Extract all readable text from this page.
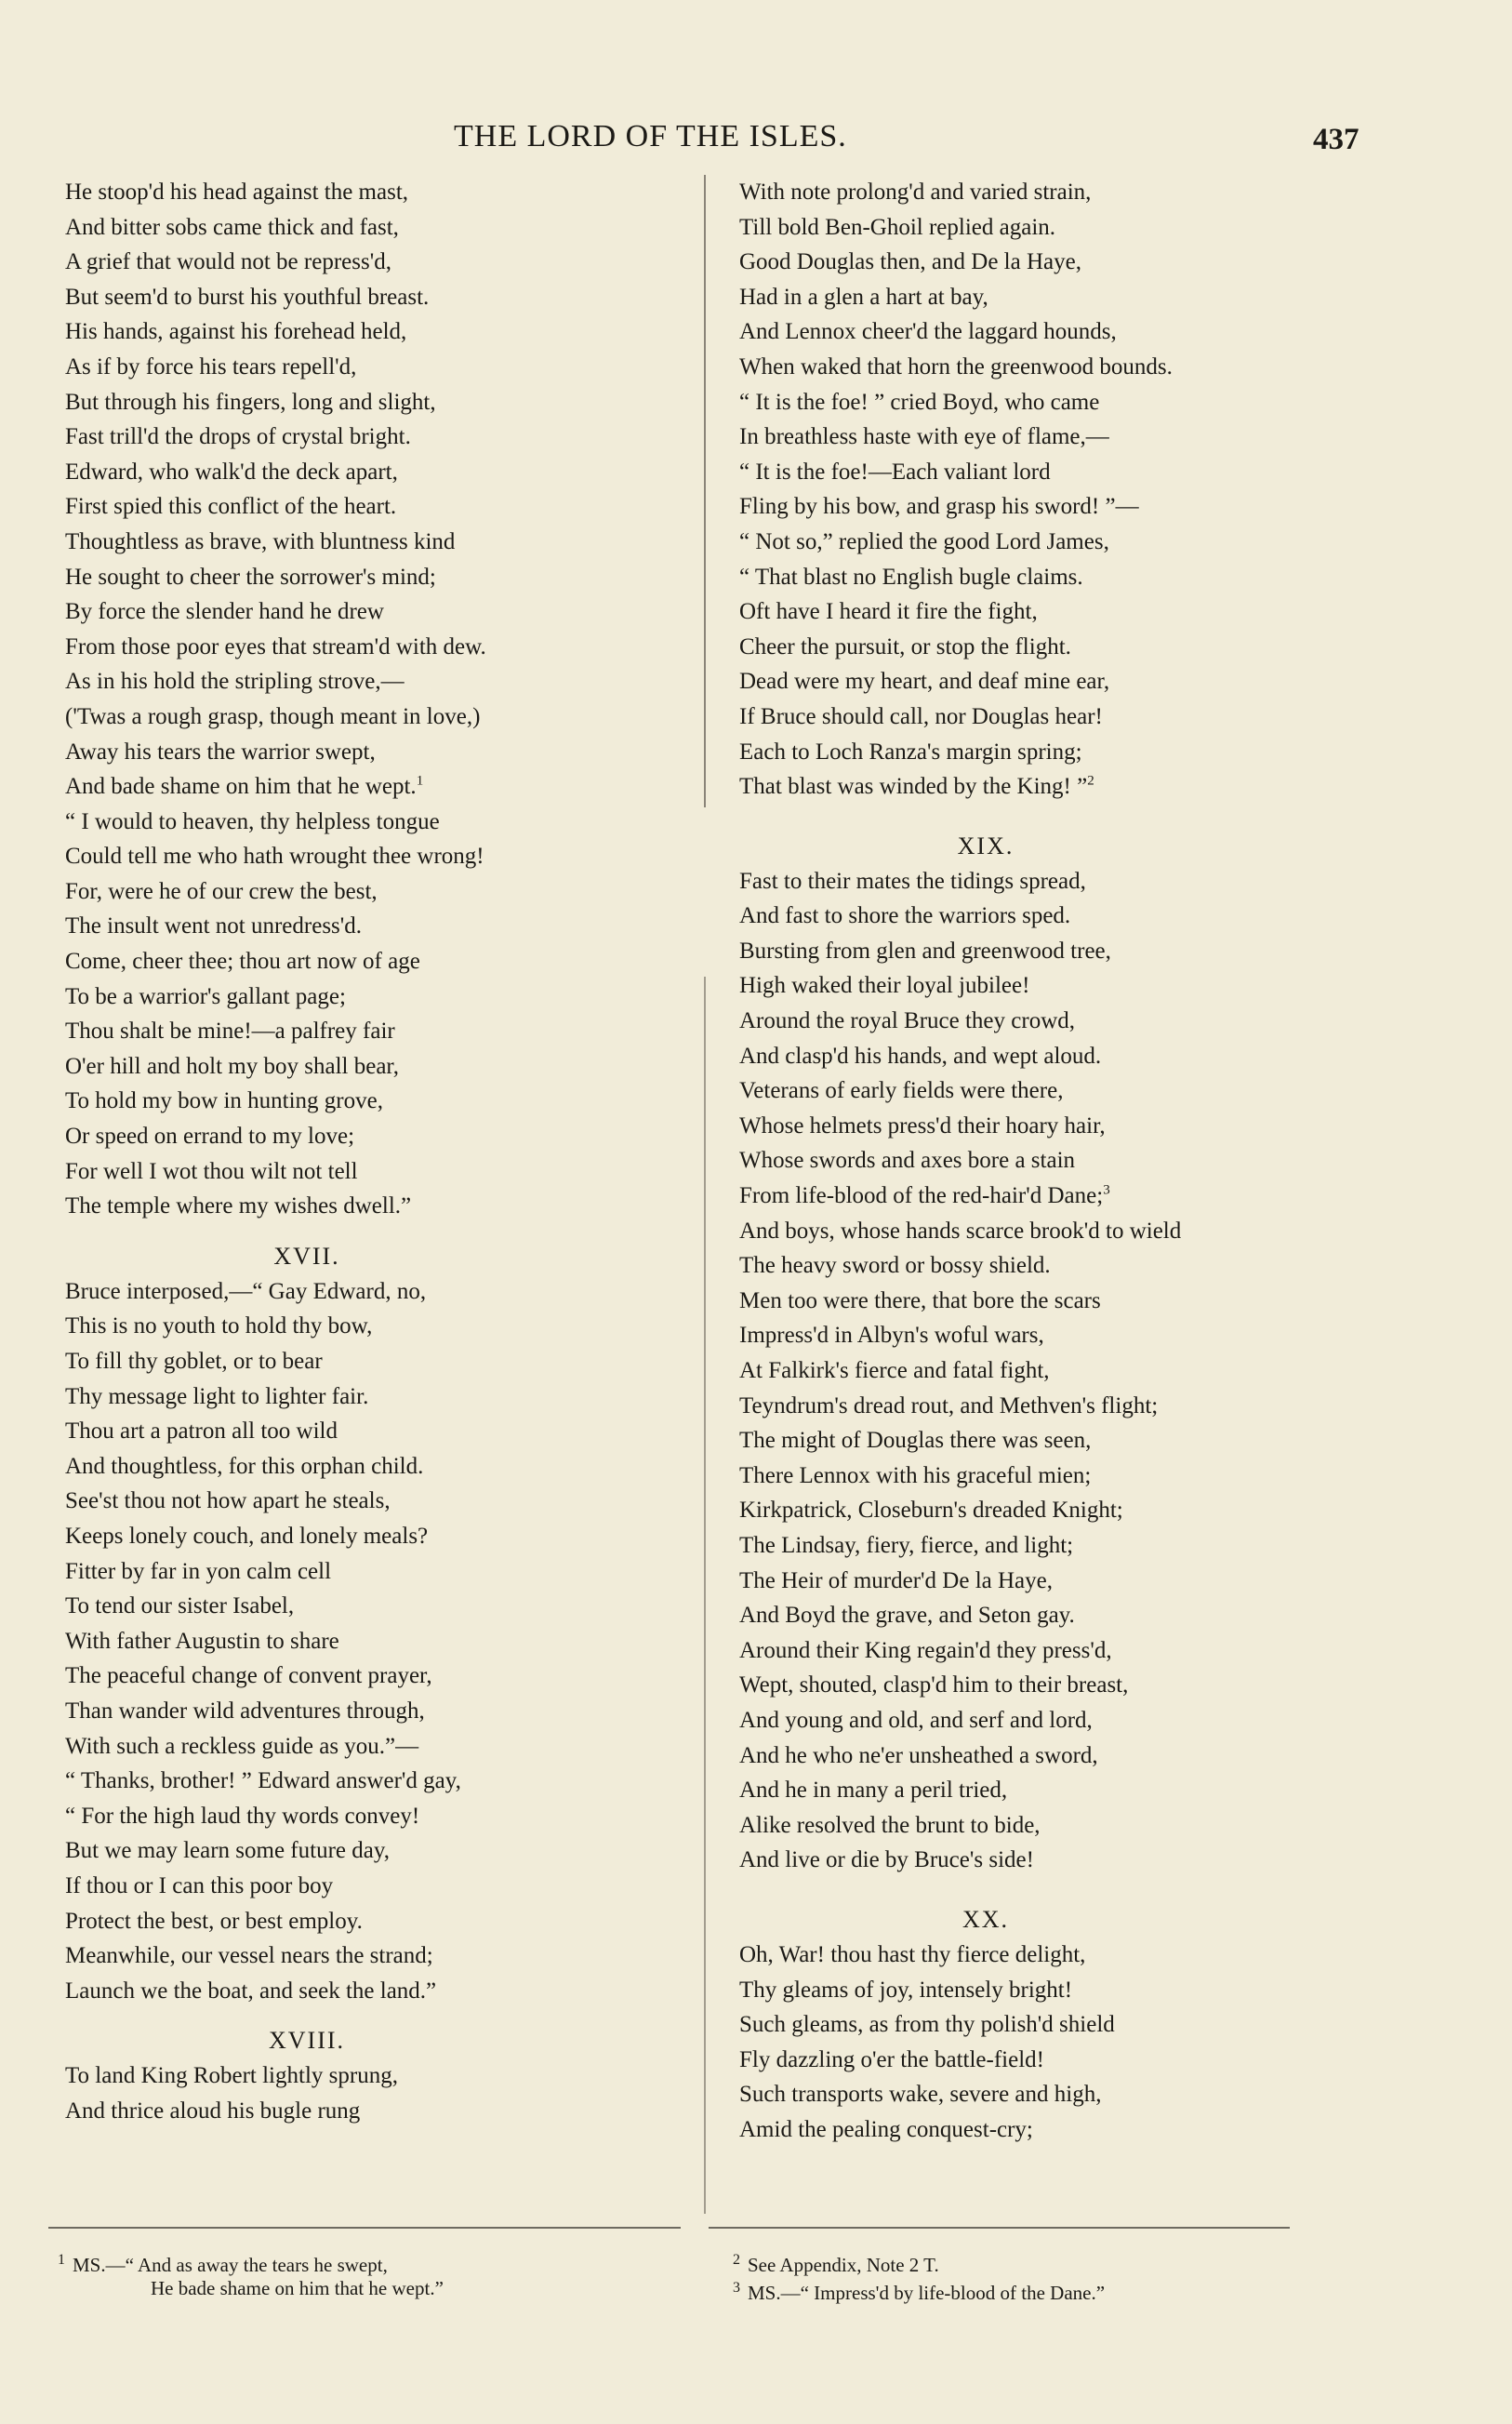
THE LORD OF THE ISLES.	437
He stoop'd his head against the mast,
And bitter sobs came thick and fast,
A grief that would not be repress'd,
But seem'd to burst his youthful breast.
His hands, against his forehead held,
As if by force his tears repell'd,
But through his fingers, long and slight,
Fast trill'd the drops of crystal bright.
Edward, who walk'd the deck apart,
First spied this conflict of the heart.
Thoughtless as brave, with bluntness kind
He sought to cheer the sorrower's mind;
By force the slender hand he drew
From those poor eyes that stream'd with dew.
As in his hold the stripling strove,—
('Twas a rough grasp, though meant in love,)
Away his tears the warrior swept,
And bade shame on him that he wept.$^1$
“ I would to heaven, thy helpless tongue
Could tell me who hath wrought thee wrong!
For, were he of our crew the best,
The insult went not unredress'd.
Come, cheer thee; thou art now of age
To be a warrior's gallant page;
Thou shalt be mine!—a palfrey fair
O'er hill and holt my boy shall bear,
To hold my bow in hunting grove,
Or speed on errand to my love;
For well I wot thou wilt not tell
The temple where my wishes dwell.”
XVII.
Bruce interposed,—“ Gay Edward, no,
This is no youth to hold thy bow,
To fill thy goblet, or to bear
Thy message light to lighter fair.
Thou art a patron all too wild
And thoughtless, for this orphan child.
See'st thou not how apart he steals,
Keeps lonely couch, and lonely meals?
Fitter by far in yon calm cell
To tend our sister Isabel,
With father Augustin to share
The peaceful change of convent prayer,
Than wander wild adventures through,
With such a reckless guide as you.”—
“ Thanks, brother! ” Edward answer'd gay,
“ For the high laud thy words convey!
But we may learn some future day,
If thou or I can this poor boy
Protect the best, or best employ.
Meanwhile, our vessel nears the strand;
Launch we the boat, and seek the land.”
XVIII.
To land King Robert lightly sprung,
And thrice aloud his bugle rung
With note prolong'd and varied strain,
Till bold Ben-Ghoil replied again.
Good Douglas then, and De la Haye,
Had in a glen a hart at bay,
And Lennox cheer'd the laggard hounds,
When waked that horn the greenwood bounds.
“ It is the foe! ” cried Boyd, who came
In breathless haste with eye of flame,—
“ It is the foe!—Each valiant lord
Fling by his bow, and grasp his sword! ”—
“ Not so,” replied the good Lord James,
“ That blast no English bugle claims.
Oft have I heard it fire the fight,
Cheer the pursuit, or stop the flight.
Dead were my heart, and deaf mine ear,
If Bruce should call, nor Douglas hear!
Each to Loch Ranza's margin spring;
That blast was winded by the King! ”$^2$
XIX.
Fast to their mates the tidings spread,
And fast to shore the warriors sped.
Bursting from glen and greenwood tree,
High waked their loyal jubilee!
Around the royal Bruce they crowd,
And clasp'd his hands, and wept aloud.
Veterans of early fields were there,
Whose helmets press'd their hoary hair,
Whose swords and axes bore a stain
From life-blood of the red-hair'd Dane;$^3$
And boys, whose hands scarce brook'd to wield
The heavy sword or bossy shield.
Men too were there, that bore the scars
Impress'd in Albyn's woful wars,
At Falkirk's fierce and fatal fight,
Teyndrum's dread rout, and Methven's flight;
The might of Douglas there was seen,
There Lennox with his graceful mien;
Kirkpatrick, Closeburn's dreaded Knight;
The Lindsay, fiery, fierce, and light;
The Heir of murder'd De la Haye,
And Boyd the grave, and Seton gay.
Around their King regain'd they press'd,
Wept, shouted, clasp'd him to their breast,
And young and old, and serf and lord,
And he who ne'er unsheathed a sword,
And he in many a peril tried,
Alike resolved the brunt to bide,
And live or die by Bruce's side!
XX.
Oh, War! thou hast thy fierce delight,
Thy gleams of joy, intensely bright!
Such gleams, as from thy polish'd shield
Fly dazzling o'er the battle-field!
Such transports wake, severe and high,
Amid the pealing conquest-cry;
$^1$ MS.—“ And as away the tears he swept,
He bade shame on him that he wept.”
$^2$ See Appendix, Note 2 T.
$^3$ MS.—“ Impress'd by life-blood of the Dane.”
